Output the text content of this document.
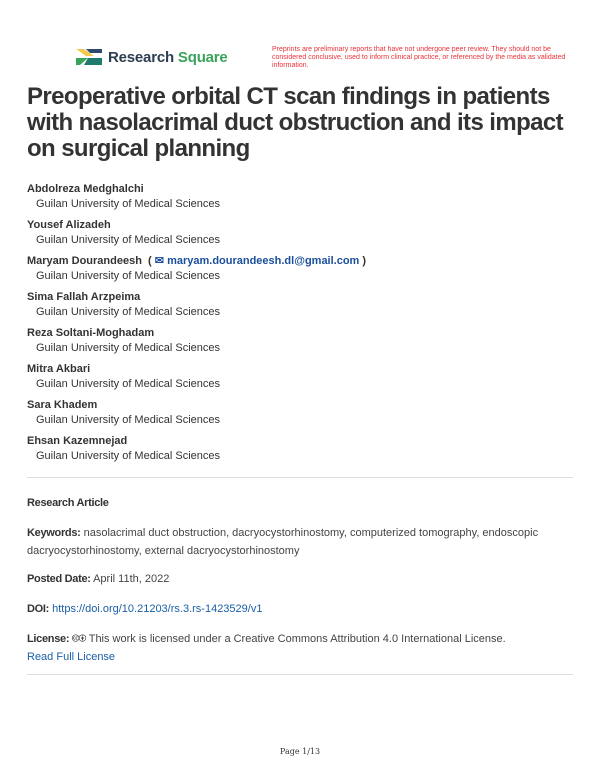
Research Square	Preprints are preliminary reports that have not undergone peer review. They should not be considered conclusive, used to inform clinical practice, or referenced by the media as validated information.
Preoperative orbital CT scan findings in patients with nasolacrimal duct obstruction and its impact on surgical planning
Abdolreza Medghalchi
Guilan University of Medical Sciences
Yousef Alizadeh
Guilan University of Medical Sciences
Maryam Dourandeesh  ( ✉ maryam.dourandeesh.dl@gmail.com )
Guilan University of Medical Sciences
Sima Fallah Arzpeima
Guilan University of Medical Sciences
Reza Soltani-Moghadam
Guilan University of Medical Sciences
Mitra Akbari
Guilan University of Medical Sciences
Sara Khadem
Guilan University of Medical Sciences
Ehsan Kazemnejad
Guilan University of Medical Sciences
Research Article
Keywords: nasolacrimal duct obstruction, dacryocystorhinostomy, computerized tomography, endoscopic dacryocystorhinostomy, external dacryocystorhinostomy
Posted Date: April 11th, 2022
DOI: https://doi.org/10.21203/rs.3.rs-1423529/v1
License: 🅭🅯 This work is licensed under a Creative Commons Attribution 4.0 International License.
Read Full License
Page 1/13
